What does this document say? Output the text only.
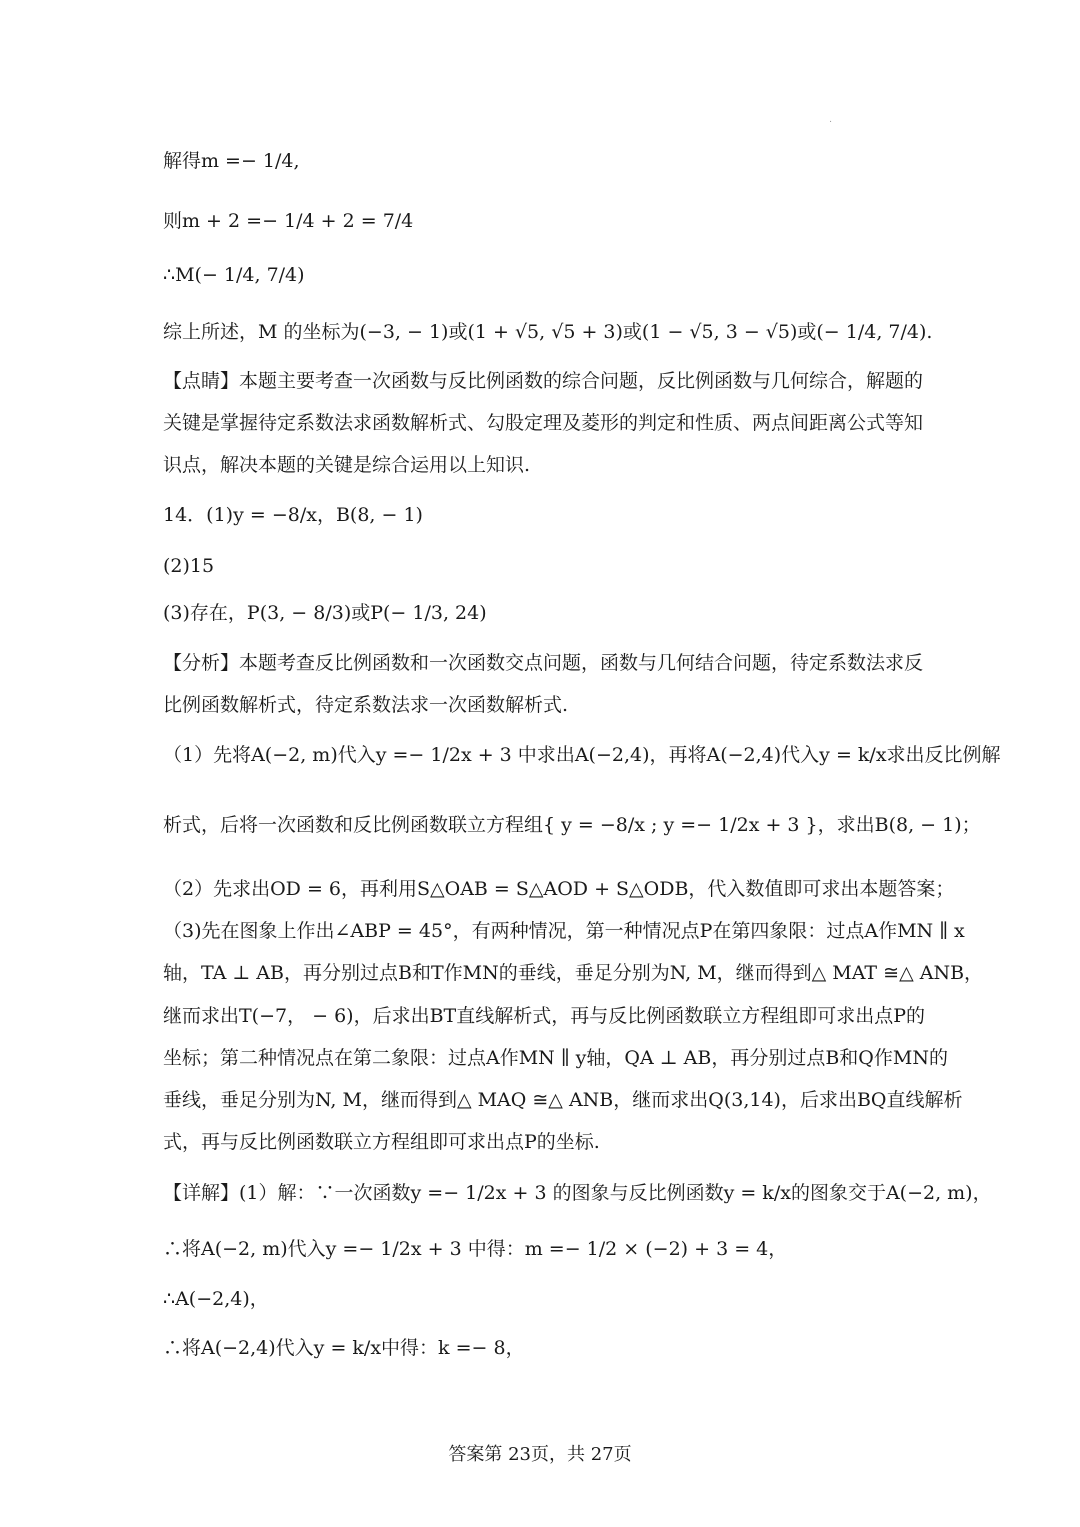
.
解得m =− 1/4,
则m + 2 =− 1/4 + 2 = 7/4
∴M(− 1/4, 7/4)
综上所述，M 的坐标为(−3, − 1)或(1 + √5, √5 + 3)或(1 − √5, 3 − √5)或(− 1/4, 7/4).
【点睛】本题主要考查一次函数与反比例函数的综合问题，反比例函数与几何综合，解题的
关键是掌握待定系数法求函数解析式、勾股定理及菱形的判定和性质、两点间距离公式等知
识点，解决本题的关键是综合运用以上知识.
14．(1)y = −8/x，B(8, − 1)
(2)15
(3)存在，P(3, − 8/3)或P(− 1/3, 24)
【分析】本题考查反比例函数和一次函数交点问题，函数与几何结合问题，待定系数法求反
比例函数解析式，待定系数法求一次函数解析式.
（1）先将A(−2, m)代入y =− 1/2x + 3 中求出A(−2,4)，再将A(−2,4)代入y = k/x求出反比例解
析式，后将一次函数和反比例函数联立方程组{ y = −8/x ; y =− 1/2x + 3 }，求出B(8, − 1)；
（2）先求出OD = 6，再利用S△OAB = S△AOD + S△ODB，代入数值即可求出本题答案；
（3)先在图象上作出∠ABP = 45°，有两种情况，第一种情况点P在第四象限：过点A作MN ∥ x
轴，TA ⊥ AB，再分别过点B和T作MN的垂线，垂足分别为N, M，继而得到△ MAT ≅△ ANB，
继而求出T(−7， − 6)，后求出BT直线解析式，再与反比例函数联立方程组即可求出点P的
坐标；第二种情况点在第二象限：过点A作MN ∥ y轴，QA ⊥ AB，再分别过点B和Q作MN的
垂线，垂足分别为N, M，继而得到△ MAQ ≅△ ANB，继而求出Q(3,14)，后求出BQ直线解析
式，再与反比例函数联立方程组即可求出点P的坐标.
【详解】(1）解：∵一次函数y =− 1/2x + 3 的图象与反比例函数y = k/x的图象交于A(−2, m)，
∴将A(−2, m)代入y =− 1/2x + 3 中得：m =− 1/2 × (−2) + 3 = 4，
∴A(−2,4)，
∴将A(−2,4)代入y = k/x中得：k =− 8，
答案第 23页，共 27页
